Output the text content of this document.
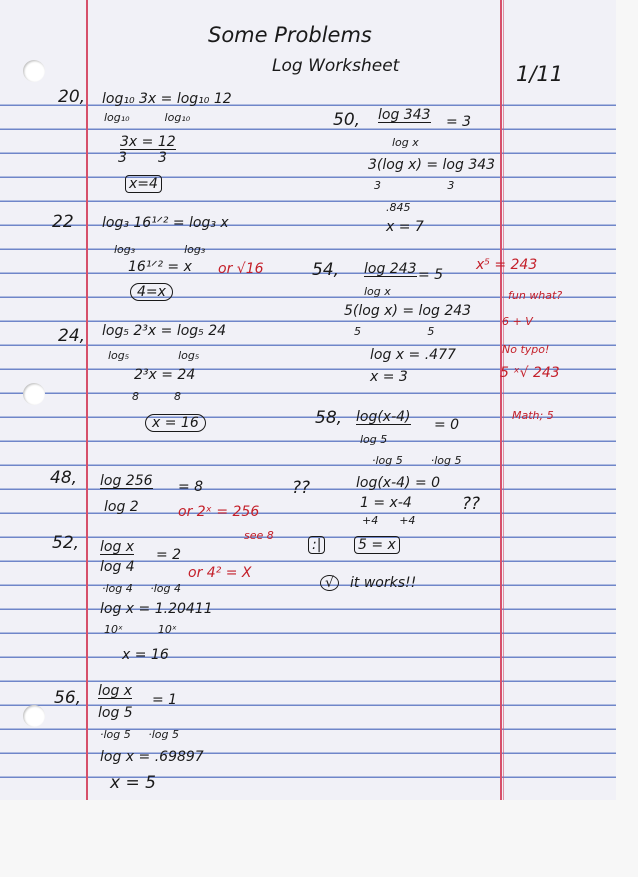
Some Problems
Log Worksheet	1/11
20, log₁₀ 3x = log₁₀ 12
log₁₀          log₁₀
3x = 12
3       3
x=4
22 log₃ 16¹ᐟ² = log₃ x
log₃              log₃
16¹ᐟ² = x or √16
4=x
24, log₅ 2³x = log₅ 24
log₅              log₅
2³x = 24
8          8
x = 16
48, log 256 = 8
log 2	or 2ˣ = 256
see 8
52, log x = 2
log 4	or 4² = X
·log 4     ·log 4
log x = 1.20411
10ˣ          10ˣ
x = 16
56, log x
= 1
log 5
·log 5     ·log 5
log x = .69897
x = 5
50, log 343 = 3
log x
3(log x) = log 343
3                   3
.845
x = 7
54, log 243 = 5
log x
x⁵ = 243
5(log x) = log 243
5                   5
fun what?
6 + V
log x = .477	No typo!
x = 3	5 ˣ√ 243
Math; 5
58, log(x-4) = 0
log 5
·log 5        ·log 5
??	log(x-4) = 0
1 = x-4	??
+4      +4
:|	5 = x
√	it works!!
